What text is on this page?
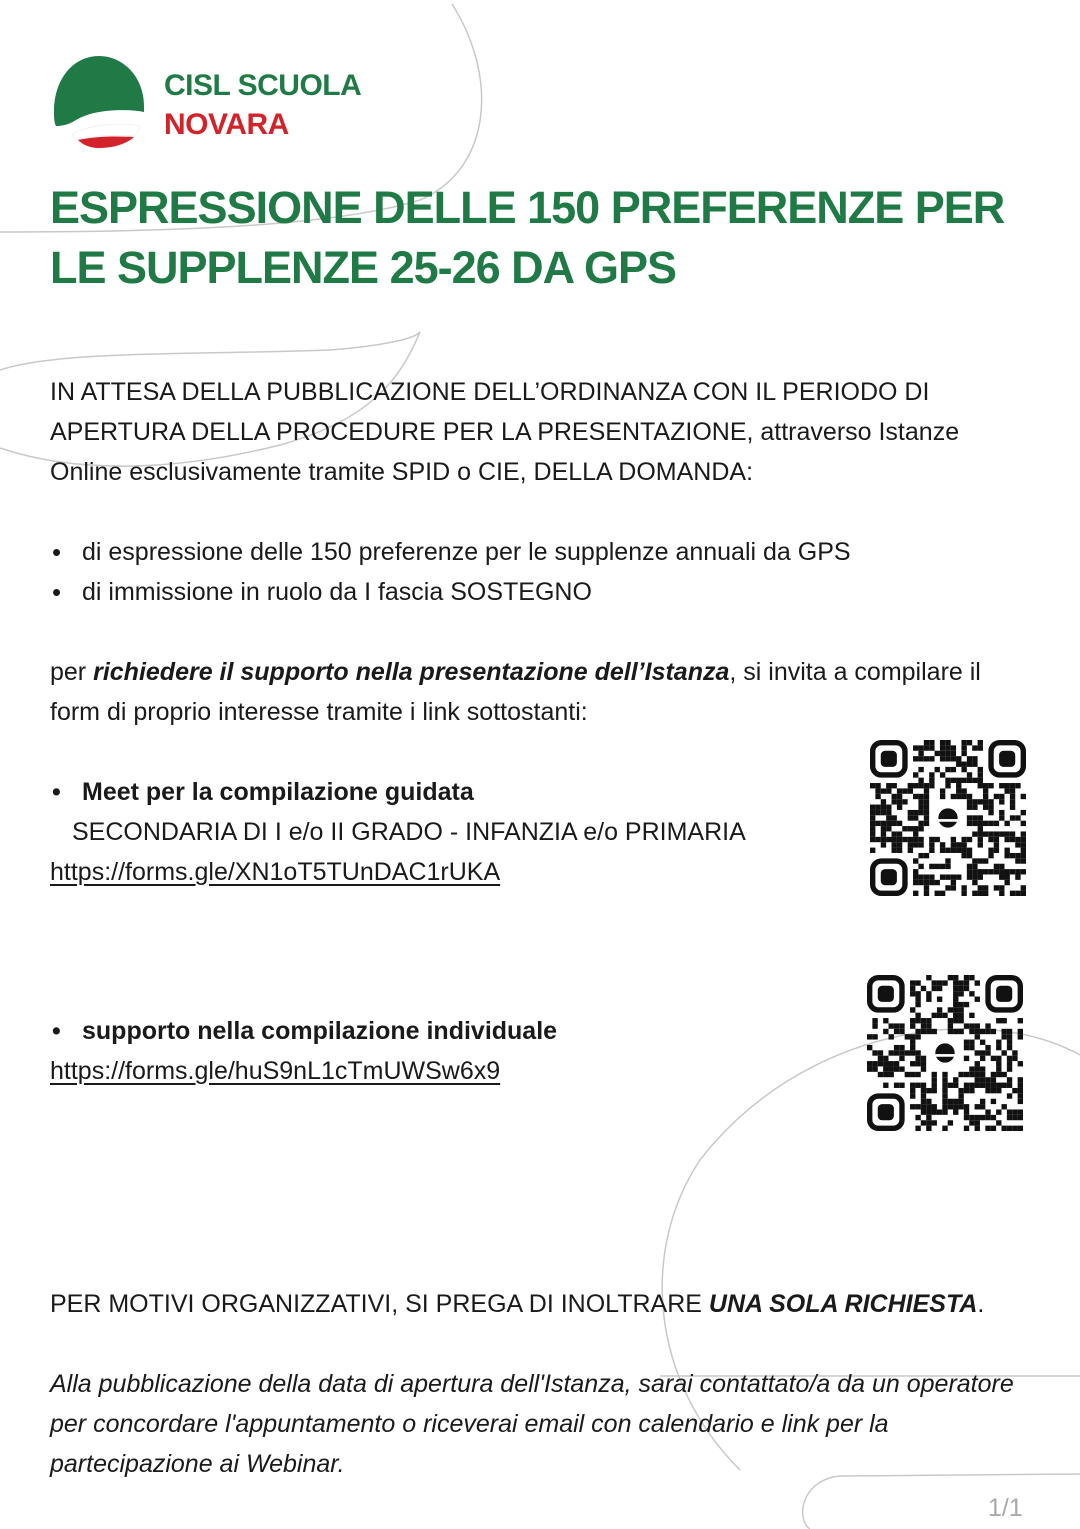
CISL SCUOLA
NOVARA
ESPRESSIONE DELLE 150 PREFERENZE PER LE SUPPLENZE 25-26 DA GPS

IN ATTESA DELLA PUBBLICAZIONE DELL’ORDINANZA CON IL PERIODO DI APERTURA DELLA PROCEDURE PER LA PRESENTAZIONE, attraverso Istanze Online esclusivamente tramite SPID o CIE, DELLA DOMANDA:

• di espressione delle 150 preferenze per le supplenze annuali da GPS
• di immissione in ruolo da I fascia SOSTEGNO

per richiedere il supporto nella presentazione dell’Istanza, si invita a compilare il form di proprio interesse tramite i link sottostanti:

• Meet per la compilazione guidata
SECONDARIA DI I e/o II GRADO - INFANZIA e/o PRIMARIA
https://forms.gle/XN1oT5TUnDAC1rUKA
• supporto nella compilazione individuale
https://forms.gle/huS9nL1cTmUWSw6x9

PER MOTIVI ORGANIZZATIVI, SI PREGA DI INOLTRARE UNA SOLA RICHIESTA.

Alla pubblicazione della data di apertura dell'Istanza, sarai contattato/a da un operatore per concordare l'appuntamento o riceverai email con calendario e link per la partecipazione ai Webinar.

1/1
